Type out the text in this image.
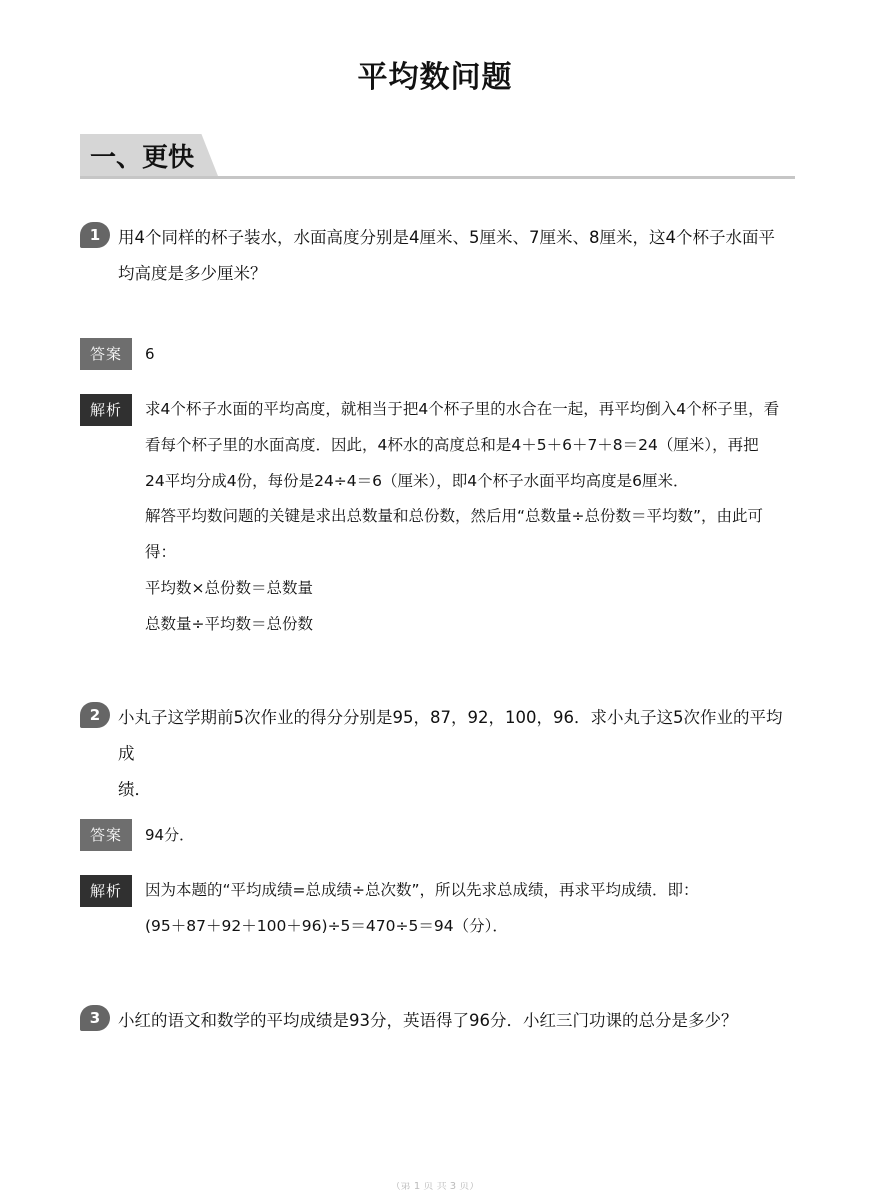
平均数问题
一、更快
1	用4个同样的杯子装水，水面高度分别是4厘米、5厘米、7厘米、8厘米，这4个杯子水面平
均高度是多少厘米？
答案	6
解析	求4个杯子水面的平均高度，就相当于把4个杯子里的水合在一起，再平均倒入4个杯子里，看

看每个杯子里的水面高度．因此，4杯水的高度总和是4＋5＋6＋7＋8＝24（厘米），再把

24平均分成4份，每份是24÷4＝6（厘米），即4个杯子水面平均高度是6厘米．

解答平均数问题的关键是求出总数量和总份数，然后用“总数量÷总份数＝平均数”，由此可

得：

平均数×总份数＝总数量

总数量÷平均数＝总份数

2	小丸子这学期前5次作业的得分分别是95，87，92，100，96．求小丸子这5次作业的平均成
绩．
答案	94分．
解析	因为本题的“平均成绩=总成绩÷总次数”，所以先求总成绩，再求平均成绩．即：

(95＋87＋92＋100＋96)÷5＝470÷5＝94（分）．

3	小红的语文和数学的平均成绩是93分，英语得了96分．小红三门功课的总分是多少？
（第 1 页 共 3 页）
